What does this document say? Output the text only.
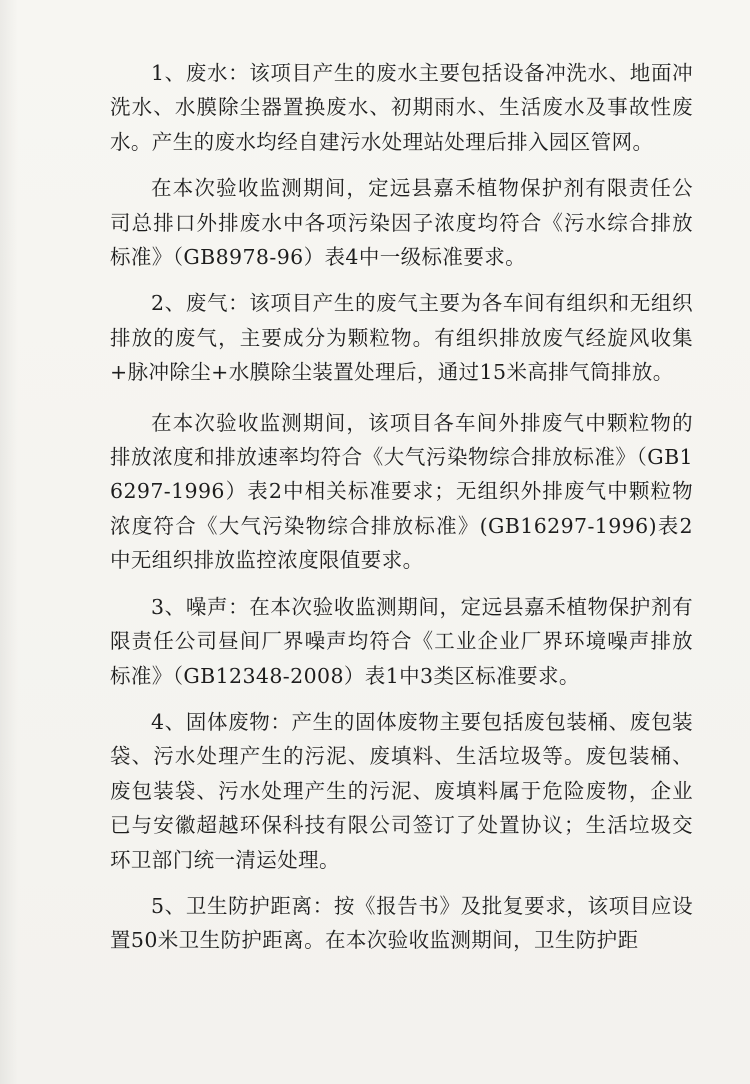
1、废水：该项目产生的废水主要包括设备冲洗水、地面冲洗水、水膜除尘器置换废水、初期雨水、生活废水及事故性废水。产生的废水均经自建污水处理站处理后排入园区管网。

在本次验收监测期间，定远县嘉禾植物保护剂有限责任公司总排口外排废水中各项污染因子浓度均符合《污水综合排放标准》（GB8978-96）表4中一级标准要求。

2、废气：该项目产生的废气主要为各车间有组织和无组织排放的废气，主要成分为颗粒物。有组织排放废气经旋风收集+脉冲除尘+水膜除尘装置处理后，通过15米高排气筒排放。

在本次验收监测期间，该项目各车间外排废气中颗粒物的排放浓度和排放速率均符合《大气污染物综合排放标准》（GB16297-1996）表2中相关标准要求；无组织外排废气中颗粒物浓度符合《大气污染物综合排放标准》(GB16297-1996)表2中无组织排放监控浓度限值要求。

3、噪声：在本次验收监测期间，定远县嘉禾植物保护剂有限责任公司昼间厂界噪声均符合《工业企业厂界环境噪声排放标准》（GB12348-2008）表1中3类区标准要求。

4、固体废物：产生的固体废物主要包括废包装桶、废包装袋、污水处理产生的污泥、废填料、生活垃圾等。废包装桶、废包装袋、污水处理产生的污泥、废填料属于危险废物，企业已与安徽超越环保科技有限公司签订了处置协议；生活垃圾交环卫部门统一清运处理。

5、卫生防护距离：按《报告书》及批复要求，该项目应设置50米卫生防护距离。在本次验收监测期间，卫生防护距
